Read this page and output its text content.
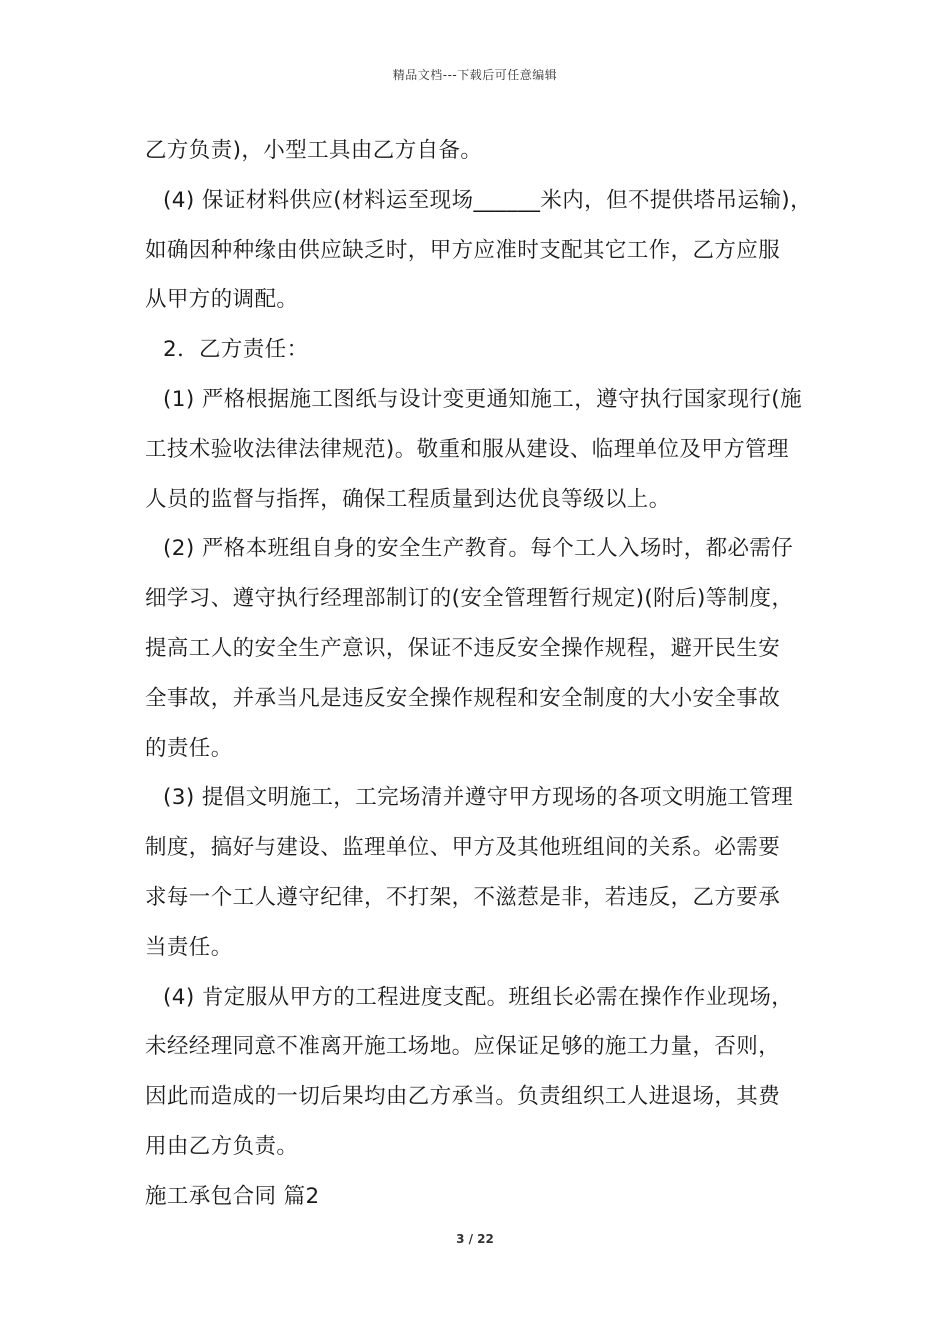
精品文档---下载后可任意编辑
乙方负责)，小型工具由乙方自备。
(4) 保证材料供应(材料运至现场______米内，但不提供塔吊运输)，
如确因种种缘由供应缺乏时，甲方应准时支配其它工作，乙方应服
从甲方的调配。
2．乙方责任：
(1) 严格根据施工图纸与设计变更通知施工，遵守执行国家现行(施
工技术验收法律法律规范)。敬重和服从建设、临理单位及甲方管理
人员的监督与指挥，确保工程质量到达优良等级以上。
(2) 严格本班组自身的安全生产教育。每个工人入场时，都必需仔
细学习、遵守执行经理部制订的(安全管理暂行规定)(附后)等制度，
提高工人的安全生产意识，保证不违反安全操作规程，避开民生安
全事故，并承当凡是违反安全操作规程和安全制度的大小安全事故
的责任。
(3) 提倡文明施工，工完场清并遵守甲方现场的各项文明施工管理
制度，搞好与建设、监理单位、甲方及其他班组间的关系。必需要
求每一个工人遵守纪律，不打架，不滋惹是非，若违反，乙方要承
当责任。
(4) 肯定服从甲方的工程进度支配。班组长必需在操作作业现场，
未经经理同意不准离开施工场地。应保证足够的施工力量，否则，
因此而造成的一切后果均由乙方承当。负责组织工人进退场，其费
用由乙方负责。
施工承包合同 篇2
3 / 22
